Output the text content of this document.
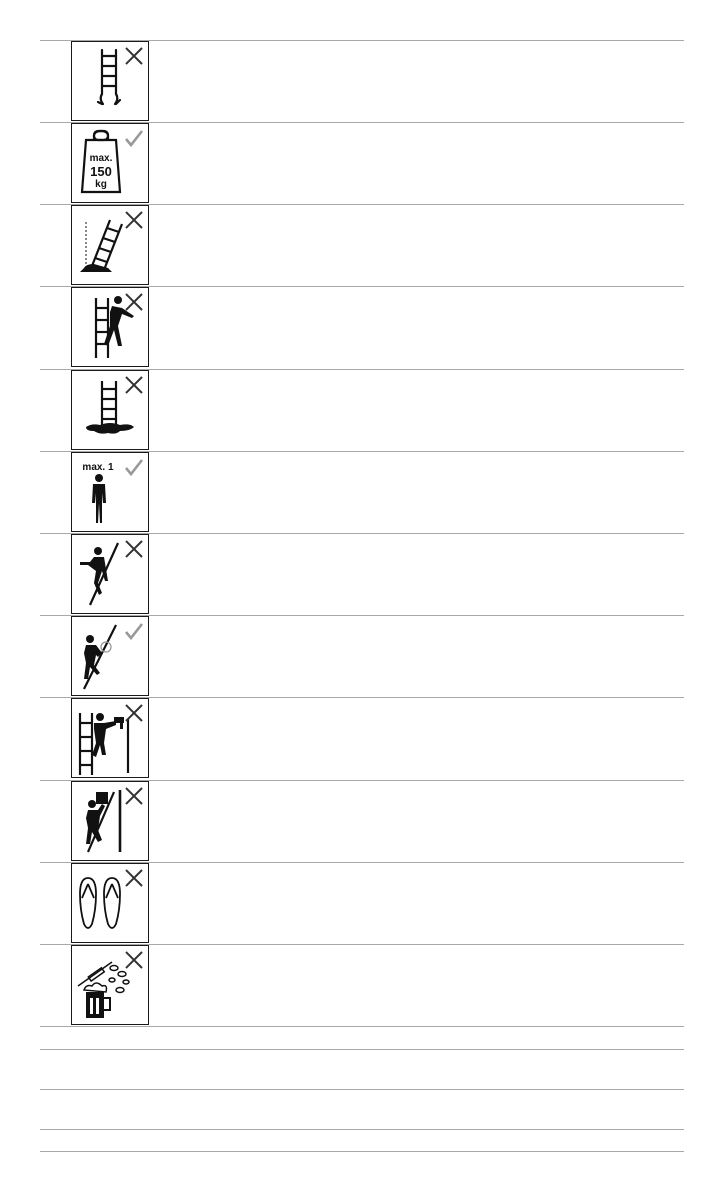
max.
150
kg
max. 1
